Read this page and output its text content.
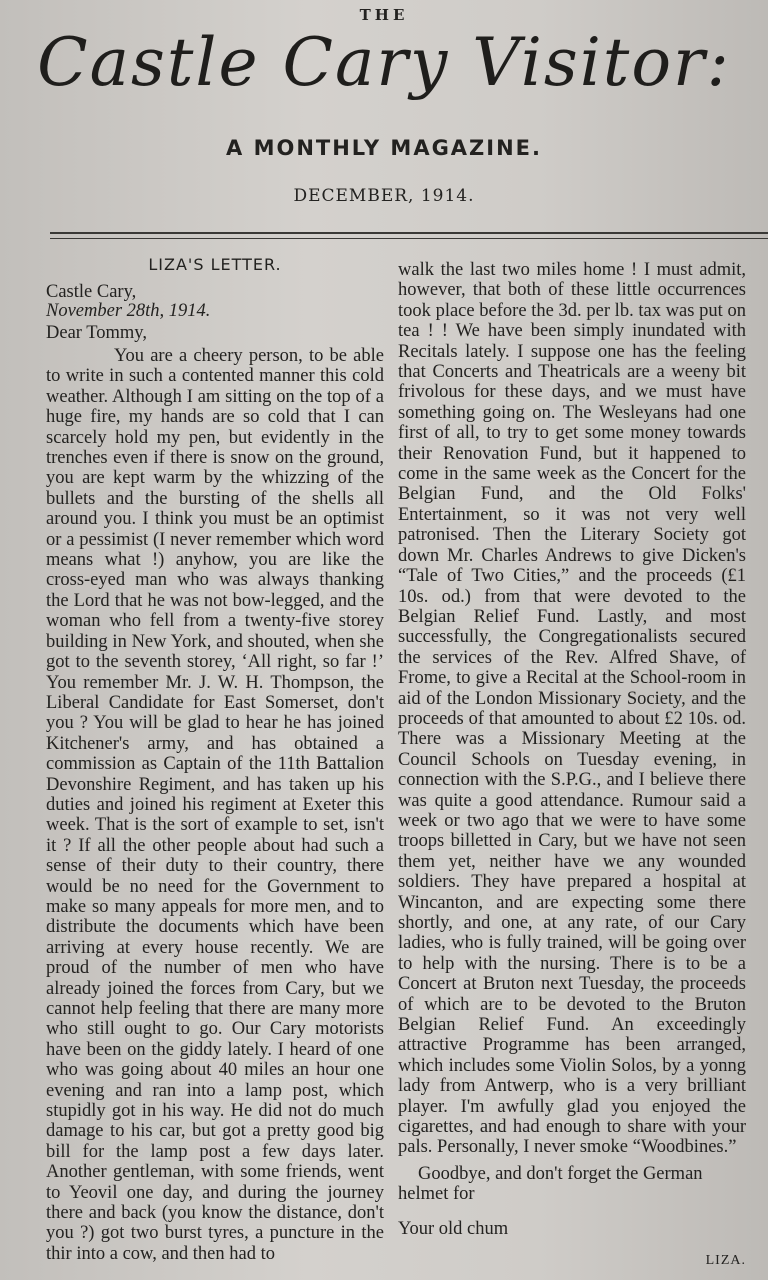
THE
Castle Cary Visitor:
A MONTHLY MAGAZINE.
DECEMBER, 1914.

LIZA'S LETTER.

Castle Cary,

November 28th, 1914.

Dear Tommy,

You are a cheery person, to be able to write in such a contented manner this cold weather. Although I am sitting on the top of a huge fire, my hands are so cold that I can scarcely hold my pen, but evidently in the trenches even if there is snow on the ground, you are kept warm by the whizzing of the bullets and the bursting of the shells all around you. I think you must be an optimist or a pessimist (I never remember which word means what !) anyhow, you are like the cross-eyed man who was always thanking the Lord that he was not bow-legged, and the woman who fell from a twenty-five storey building in New York, and shouted, when she got to the seventh storey, ‘All right, so far !’ You remember Mr. J. W. H. Thompson, the Liberal Candidate for East Somerset, don't you ? You will be glad to hear he has joined Kitchener's army, and has obtained a commission as Captain of the 11th Battalion Devonshire Regiment, and has taken up his duties and joined his regiment at Exeter this week. That is the sort of example to set, isn't it ? If all the other people about had such a sense of their duty to their country, there would be no need for the Government to make so many appeals for more men, and to distribute the documents which have been arriving at every house recently. We are proud of the number of men who have already joined the forces from Cary, but we cannot help feeling that there are many more who still ought to go. Our Cary motorists have been on the giddy lately. I heard of one who was going about 40 miles an hour one evening and ran into a lamp post, which stupidly got in his way. He did not do much damage to his car, but got a pretty good big bill for the lamp post a few days later. Another gentleman, with some friends, went to Yeovil one day, and during the journey there and back (you know the distance, don't you ?) got two burst tyres, a puncture in the thir into a cow, and then had to

walk the last two miles home ! I must admit, however, that both of these little occurrences took place before the 3d. per lb. tax was put on tea ! ! We have been simply inundated with Recitals lately. I suppose one has the feeling that Concerts and Theatricals are a weeny bit frivolous for these days, and we must have something going on. The Wesleyans had one first of all, to try to get some money towards their Renovation Fund, but it happened to come in the same week as the Concert for the Belgian Fund, and the Old Folks' Entertainment, so it was not very well patronised. Then the Literary Society got down Mr. Charles Andrews to give Dicken's “Tale of Two Cities,” and the proceeds (£1 10s. od.) from that were devoted to the Belgian Relief Fund. Lastly, and most successfully, the Congregationalists secured the services of the Rev. Alfred Shave, of Frome, to give a Recital at the School-room in aid of the London Missionary Society, and the proceeds of that amounted to about £2 10s. od. There was a Missionary Meeting at the Council Schools on Tuesday evening, in connection with the S.P.G., and I believe there was quite a good attendance. Rumour said a week or two ago that we were to have some troops billetted in Cary, but we have not seen them yet, neither have we any wounded soldiers. They have prepared a hospital at Wincanton, and are expecting some there shortly, and one, at any rate, of our Cary ladies, who is fully trained, will be going over to help with the nursing. There is to be a Concert at Bruton next Tuesday, the proceeds of which are to be devoted to the Bruton Belgian Relief Fund. An exceedingly attractive Programme has been arranged, which includes some Violin Solos, by a yonng lady from Antwerp, who is a very brilliant player. I'm awfully glad you enjoyed the cigarettes, and had enough to share with your pals. Personally, I never smoke “Woodbines.”

Goodbye, and don't forget the German helmet for

Your old chum

LIZA.
